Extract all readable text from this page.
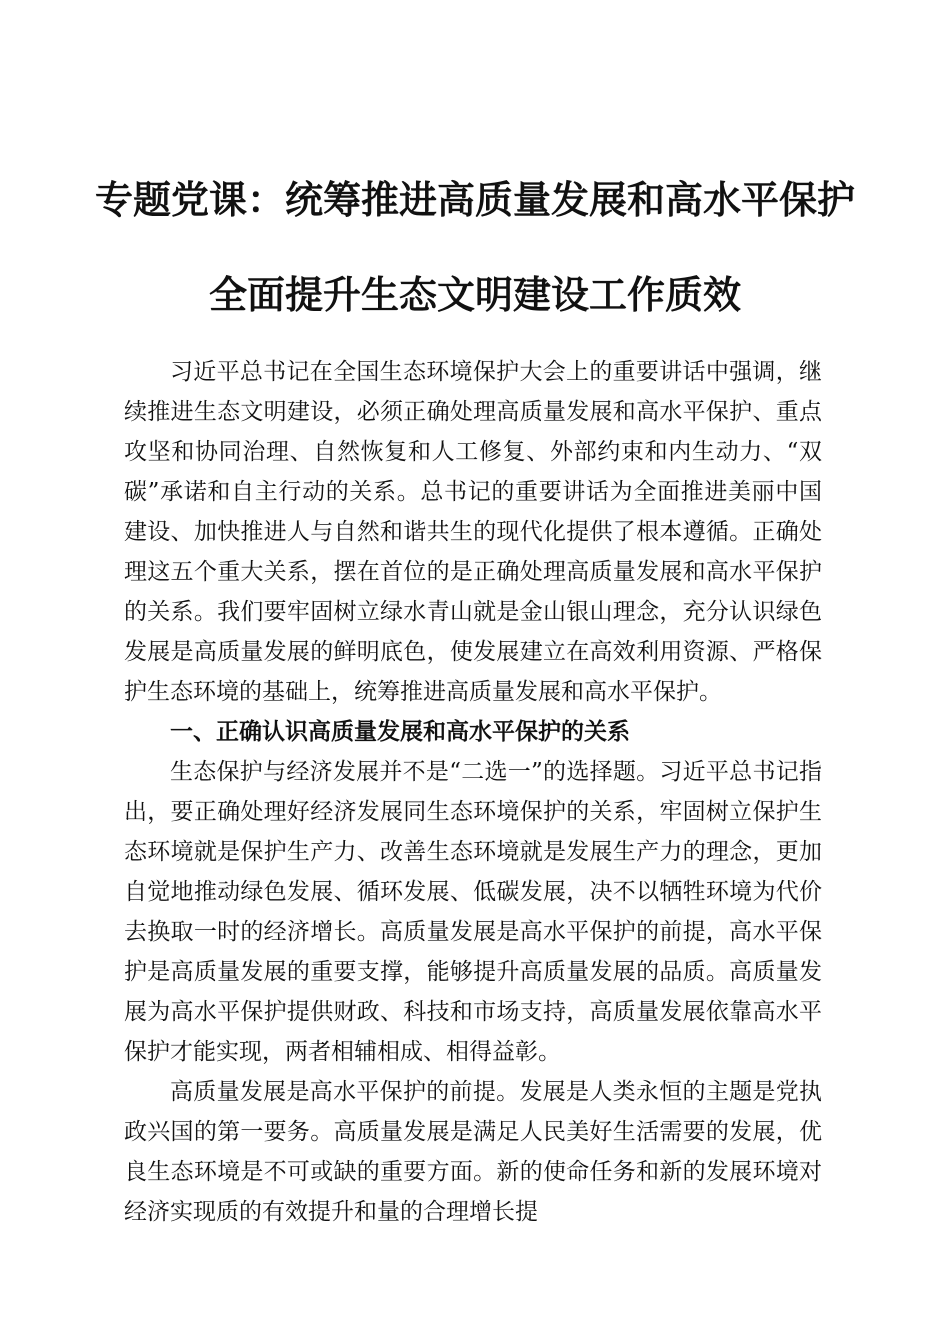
专题党课：统筹推进高质量发展和高水平保护
全面提升生态文明建设工作质效

习近平总书记在全国生态环境保护大会上的重要讲话中强调，继续推进生态文明建设，必须正确处理高质量发展和高水平保护、重点攻坚和协同治理、自然恢复和人工修复、外部约束和内生动力、“双碳”承诺和自主行动的关系。总书记的重要讲话为全面推进美丽中国建设、加快推进人与自然和谐共生的现代化提供了根本遵循。正确处理这五个重大关系，摆在首位的是正确处理高质量发展和高水平保护的关系。我们要牢固树立绿水青山就是金山银山理念，充分认识绿色发展是高质量发展的鲜明底色，使发展建立在高效利用资源、严格保护生态环境的基础上，统筹推进高质量发展和高水平保护。

一、正确认识高质量发展和高水平保护的关系

生态保护与经济发展并不是“二选一”的选择题。习近平总书记指出，要正确处理好经济发展同生态环境保护的关系，牢固树立保护生态环境就是保护生产力、改善生态环境就是发展生产力的理念，更加自觉地推动绿色发展、循环发展、低碳发展，决不以牺牲环境为代价去换取一时的经济增长。高质量发展是高水平保护的前提，高水平保护是高质量发展的重要支撑，能够提升高质量发展的品质。高质量发展为高水平保护提供财政、科技和市场支持，高质量发展依靠高水平保护才能实现，两者相辅相成、相得益彰。

高质量发展是高水平保护的前提。发展是人类永恒的主题是党执政兴国的第一要务。高质量发展是满足人民美好生活需要的发展，优良生态环境是不可或缺的重要方面。新的使命任务和新的发展环境对经济实现质的有效提升和量的合理增长提
